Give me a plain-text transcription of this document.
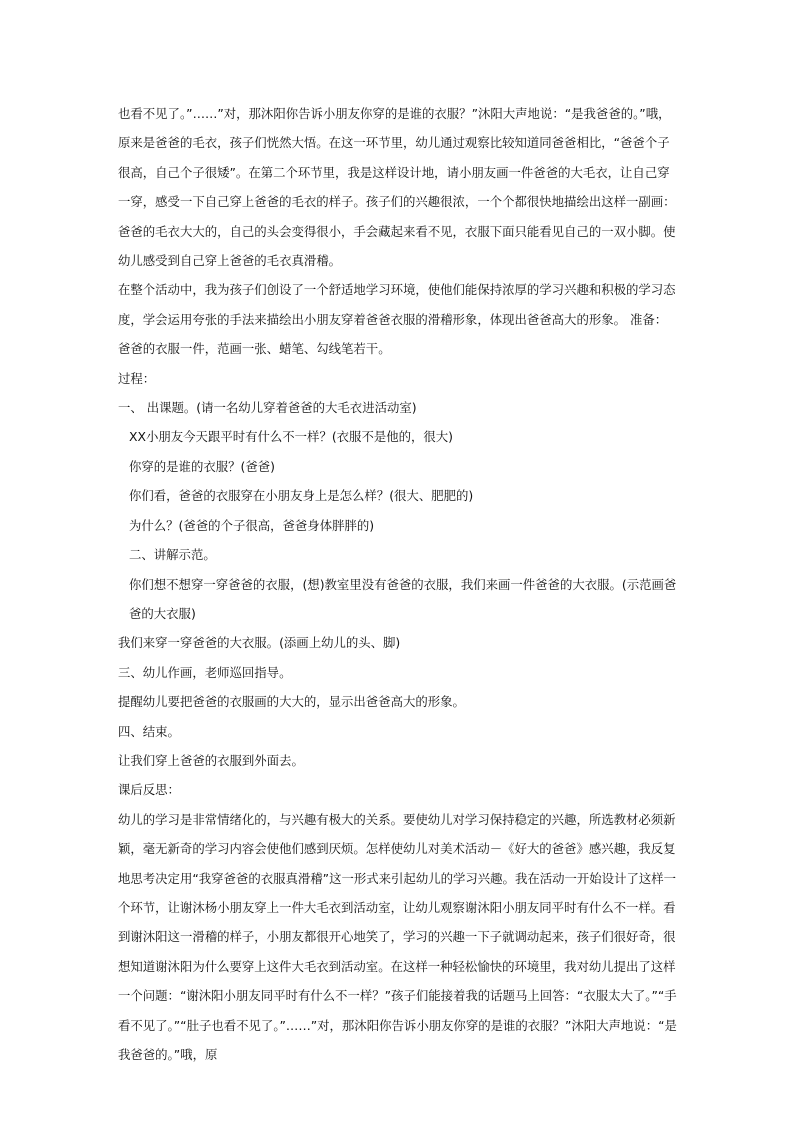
也看不见了。”……”对，那沐阳你告诉小朋友你穿的是谁的衣服？”沐阳大声地说：“是我爸爸的。”哦，原来是爸爸的毛衣，孩子们恍然大悟。在这一环节里，幼儿通过观察比较知道同爸爸相比，“爸爸个子很高，自己个子很矮”。在第二个环节里，我是这样设计地，请小朋友画一件爸爸的大毛衣，让自己穿一穿，感受一下自己穿上爸爸的毛衣的样子。孩子们的兴趣很浓，一个个都很快地描绘出这样一副画：爸爸的毛衣大大的，自己的头会变得很小，手会藏起来看不见，衣服下面只能看见自己的一双小脚。使幼儿感受到自己穿上爸爸的毛衣真滑稽。

在整个活动中，我为孩子们创设了一个舒适地学习环境，使他们能保持浓厚的学习兴趣和积极的学习态度，学会运用夸张的手法来描绘出小朋友穿着爸爸衣服的滑稽形象，体现出爸爸高大的形象。 准备：

爸爸的衣服一件，范画一张、蜡笔、勾线笔若干。

过程：

一、 出课题。(请一名幼儿穿着爸爸的大毛衣进活动室)

XX小朋友今天跟平时有什么不一样？(衣服不是他的，很大)

你穿的是谁的衣服？(爸爸)

你们看，爸爸的衣服穿在小朋友身上是怎么样？(很大、肥肥的)

为什么？(爸爸的个子很高，爸爸身体胖胖的)

二、讲解示范。

你们想不想穿一穿爸爸的衣服，(想)教室里没有爸爸的衣服，我们来画一件爸爸的大衣服。(示范画爸爸的大衣服)

我们来穿一穿爸爸的大衣服。(添画上幼儿的头、脚)

三、幼儿作画，老师巡回指导。

提醒幼儿要把爸爸的衣服画的大大的，显示出爸爸高大的形象。

四、结束。

让我们穿上爸爸的衣服到外面去。

课后反思：

幼儿的学习是非常情绪化的，与兴趣有极大的关系。要使幼儿对学习保持稳定的兴趣，所选教材必须新颖，毫无新奇的学习内容会使他们感到厌烦。怎样使幼儿对美术活动－《好大的爸爸》感兴趣，我反复地思考决定用“我穿爸爸的衣服真滑稽”这一形式来引起幼儿的学习兴趣。我在活动一开始设计了这样一个环节，让谢沐杨小朋友穿上一件大毛衣到活动室，让幼儿观察谢沐阳小朋友同平时有什么不一样。看到谢沐阳这一滑稽的样子，小朋友都很开心地笑了，学习的兴趣一下子就调动起来，孩子们很好奇，很想知道谢沐阳为什么要穿上这件大毛衣到活动室。在这样一种轻松愉快的环境里，我对幼儿提出了这样一个问题：“谢沐阳小朋友同平时有什么不一样？”孩子们能接着我的话题马上回答：“衣服太大了。”“手看不见了。”“肚子也看不见了。”……”对，那沐阳你告诉小朋友你穿的是谁的衣服？”沐阳大声地说：“是我爸爸的。”哦，原
